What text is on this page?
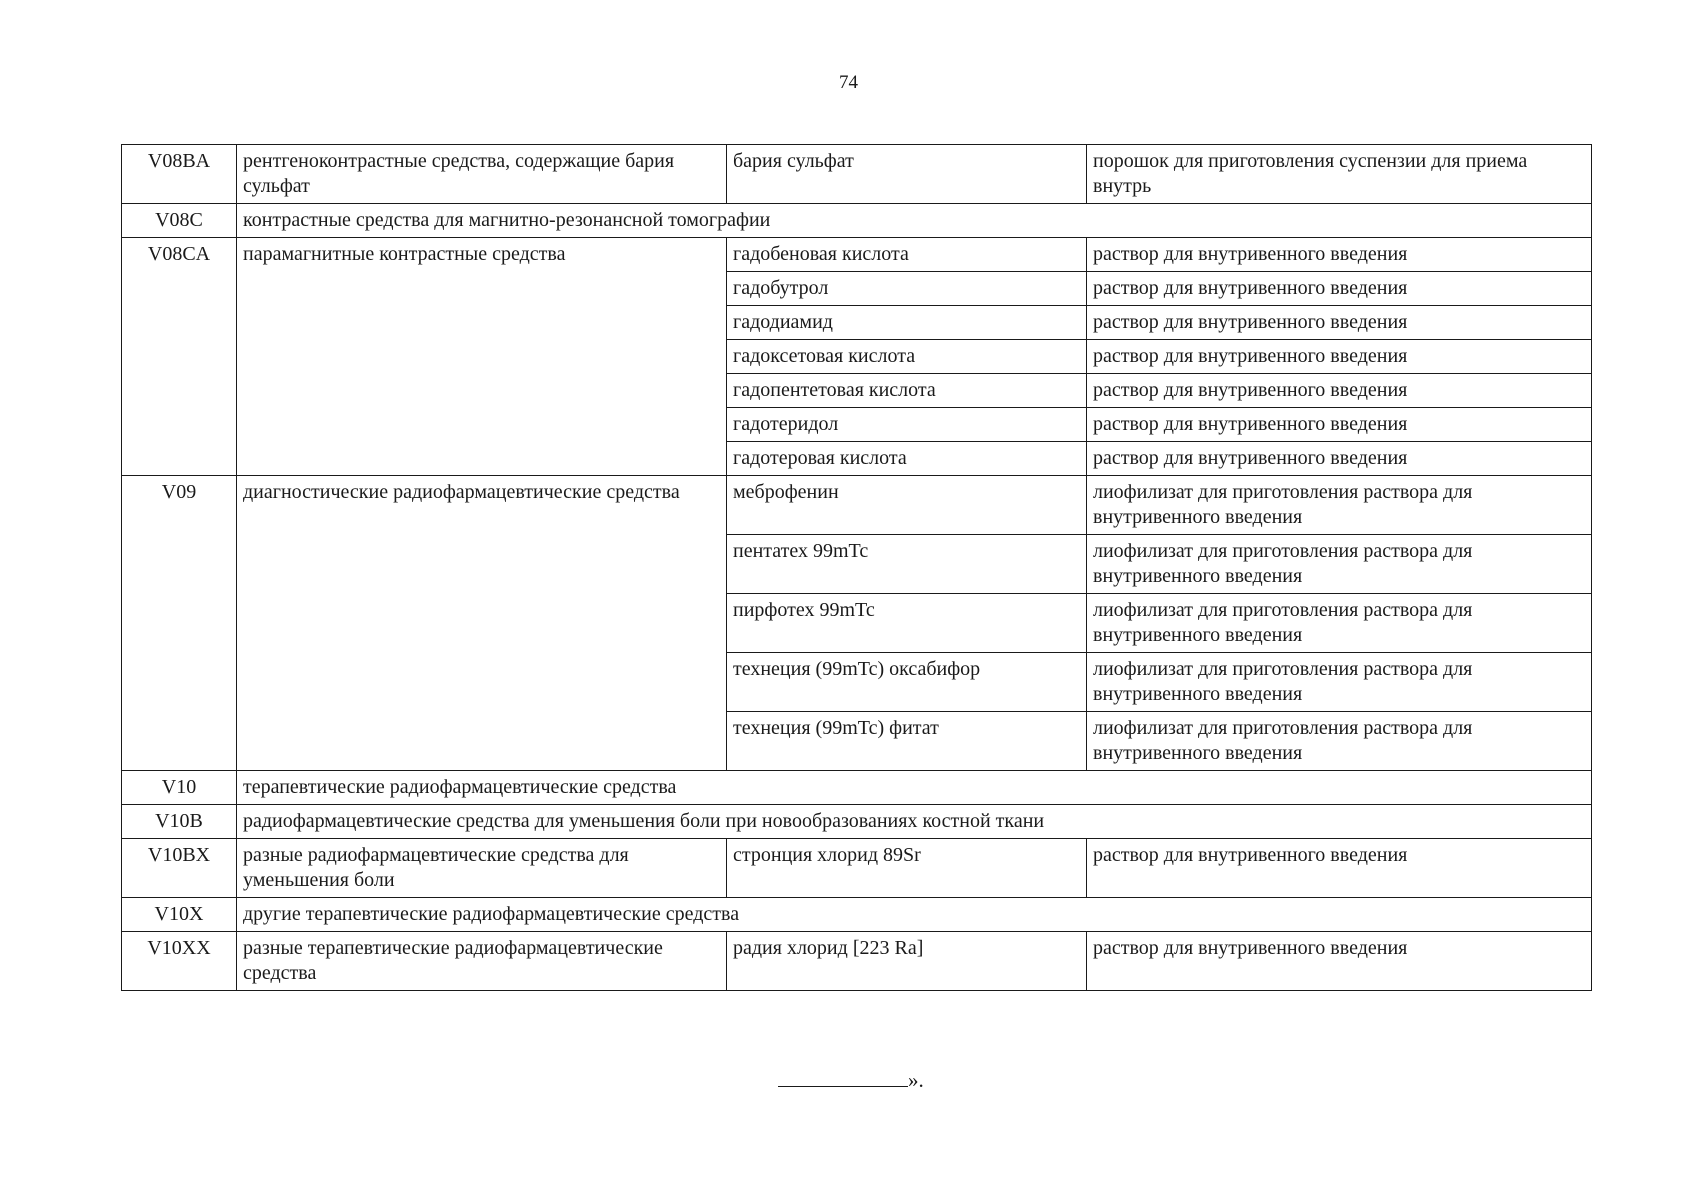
74
V08BA	рентгеноконтрастные средства, содержащие бария сульфат	бария сульфат	порошок для приготовления суспензии для приема внутрь
V08C	контрастные средства для магнитно-резонансной томографии		
V08CA	парамагнитные контрастные средства	гадобеновая кислота	раствор для внутривенного введения
		гадобутрол	раствор для внутривенного введения
		гадодиамид	раствор для внутривенного введения
		гадоксетовая кислота	раствор для внутривенного введения
		гадопентетовая кислота	раствор для внутривенного введения
		гадотеридол	раствор для внутривенного введения
		гадотеровая кислота	раствор для внутривенного введения
V09	диагностические радиофармацевтические средства	меброфенин	лиофилизат для приготовления раствора для внутривенного введения
		пентатех 99mTc	лиофилизат для приготовления раствора для внутривенного введения
		пирфотех 99mTc	лиофилизат для приготовления раствора для внутривенного введения
		технеция (99mTc) оксабифор	лиофилизат для приготовления раствора для внутривенного введения
		технеция (99mTc) фитат	лиофилизат для приготовления раствора для внутривенного введения
V10	терапевтические радиофармацевтические средства		
V10B	радиофармацевтические средства для уменьшения боли при новообразованиях костной ткани		
V10BX	разные радиофармацевтические средства для уменьшения боли	стронция хлорид 89Sr	раствор для внутривенного введения
V10X	другие терапевтические радиофармацевтические средства		
V10XX	разные терапевтические радиофармацевтические средства	радия хлорид [223 Ra]	раствор для внутривенного введения
».
